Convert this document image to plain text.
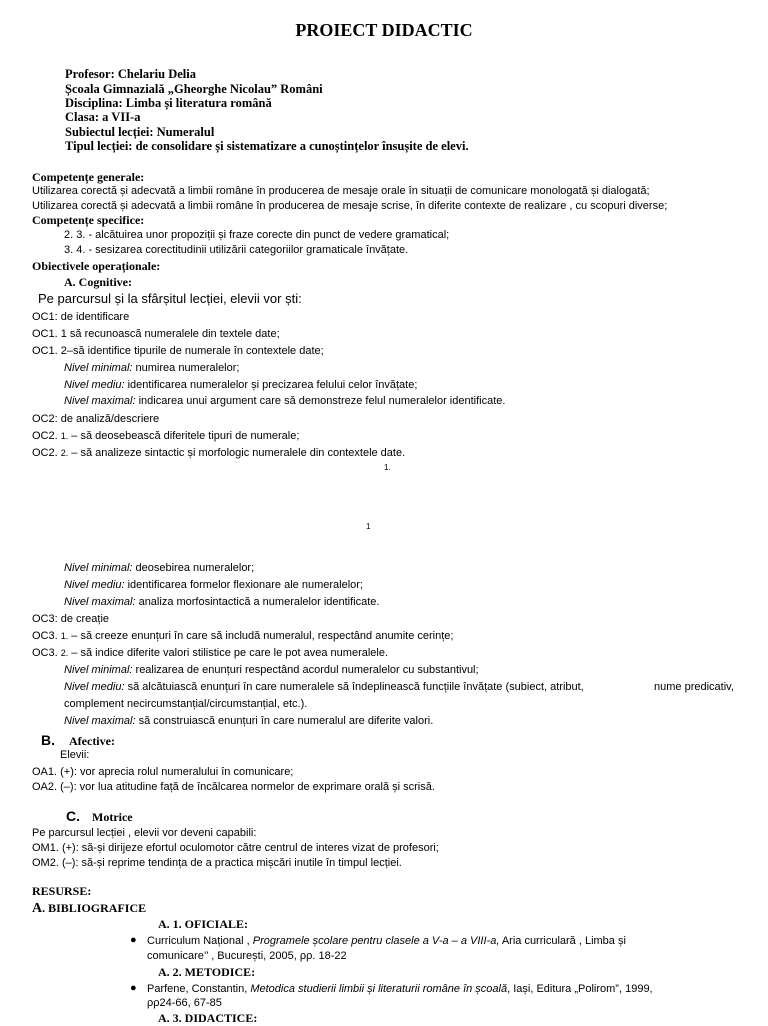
PROIECT DIDACTIC
Profesor: Chelariu Delia
Școala Gimnazială „Gheorghe Nicolau” Români
Disciplina: Limba și literatura română
Clasa: a VII-a
Subiectul lecției: Numeralul
Tipul lecției: de consolidare și sistematizare a cunoștințelor însușite de elevi.
Competențe generale:
Utilizarea corectă și adecvată a limbii române în producerea de mesaje orale în situații de comunicare monologată și dialogată;
Utilizarea corectă și adecvată a limbii române în producerea de mesaje scrise, în diferite contexte de realizare , cu scopuri diverse;
Competențe specifice:
2. 3. - alcătuirea unor propoziții și fraze corecte din punct de vedere gramatical;
3. 4. - sesizarea corectitudinii utilizării categoriilor gramaticale învățate.
Obiectivele operaționale:
A. Cognitive:
Pe parcursul și la sfârșitul lecției, elevii vor ști:
OC1: de identificare
OC1. 1 să recunoască numeralele din textele date;
OC1. 2–să identifice tipurile de numerale în contextele date;
Nivel minimal: numirea numeralelor;
Nivel mediu: identificarea numeralelor și precizarea felului celor învățate;
Nivel maximal: indicarea unui argument care să demonstreze felul numeralelor identificate.
OC2: de analiză/descriere
OC2. 1. – să deosebească diferitele tipuri de numerale;
OC2. 2. – să analizeze sintactic și morfologic numeralele din contextele date.
1.
1
Nivel minimal: deosebirea numeralelor;
Nivel mediu: identificarea formelor flexionare ale numeralelor;
Nivel maximal: analiza morfosintactică a numeralelor identificate.
OC3: de creație
OC3. 1. – să creeze enunțuri în care să includă numeralul, respectând anumite cerințe;
OC3. 2. – să indice diferite valori stilistice pe care le pot avea numeralele.
Nivel minimal: realizarea de enunțuri respectând acordul numeralelor cu substantivul;
Nivel mediu: să alcătuiască enunțuri în care numeralele să îndeplinească funcțiile învățate (subiect, atribut,	nume predicativ,
complement necircumstanțial/circumstanțial, etc.).
Nivel maximal: să construiască enunțuri în care numeralul are diferite valori.
B. Afective:
Elevii:
OA1. (+): vor aprecia rolul numeralului în comunicare;
OA2. (–): vor lua atitudine față de încălcarea normelor de exprimare orală și scrisă.
C. Motrice
Pe parcursul lecției , elevii vor deveni capabili:
OM1. (+): să-și dirijeze efortul oculomotor către centrul de interes vizat de profesori;
OM2. (–): să-și reprime tendința de a practica mișcări inutile în timpul lecției.
RESURSE:
A. BIBLIOGRAFICE
A. 1. OFICIALE:
● Curriculum Național , Programele școlare pentru clasele a V-a – a VIII-a, Aria curriculară , Limba și
comunicare’’ , București, 2005, ρρ. 18-22
A. 2. METODICE:
● Parfene, Constantin, Metodica studierii limbii și literaturii române în școală, Iași, Editura „Polirom”, 1999,
ρρ24-66, 67-85
A. 3. DIDACTICE:
